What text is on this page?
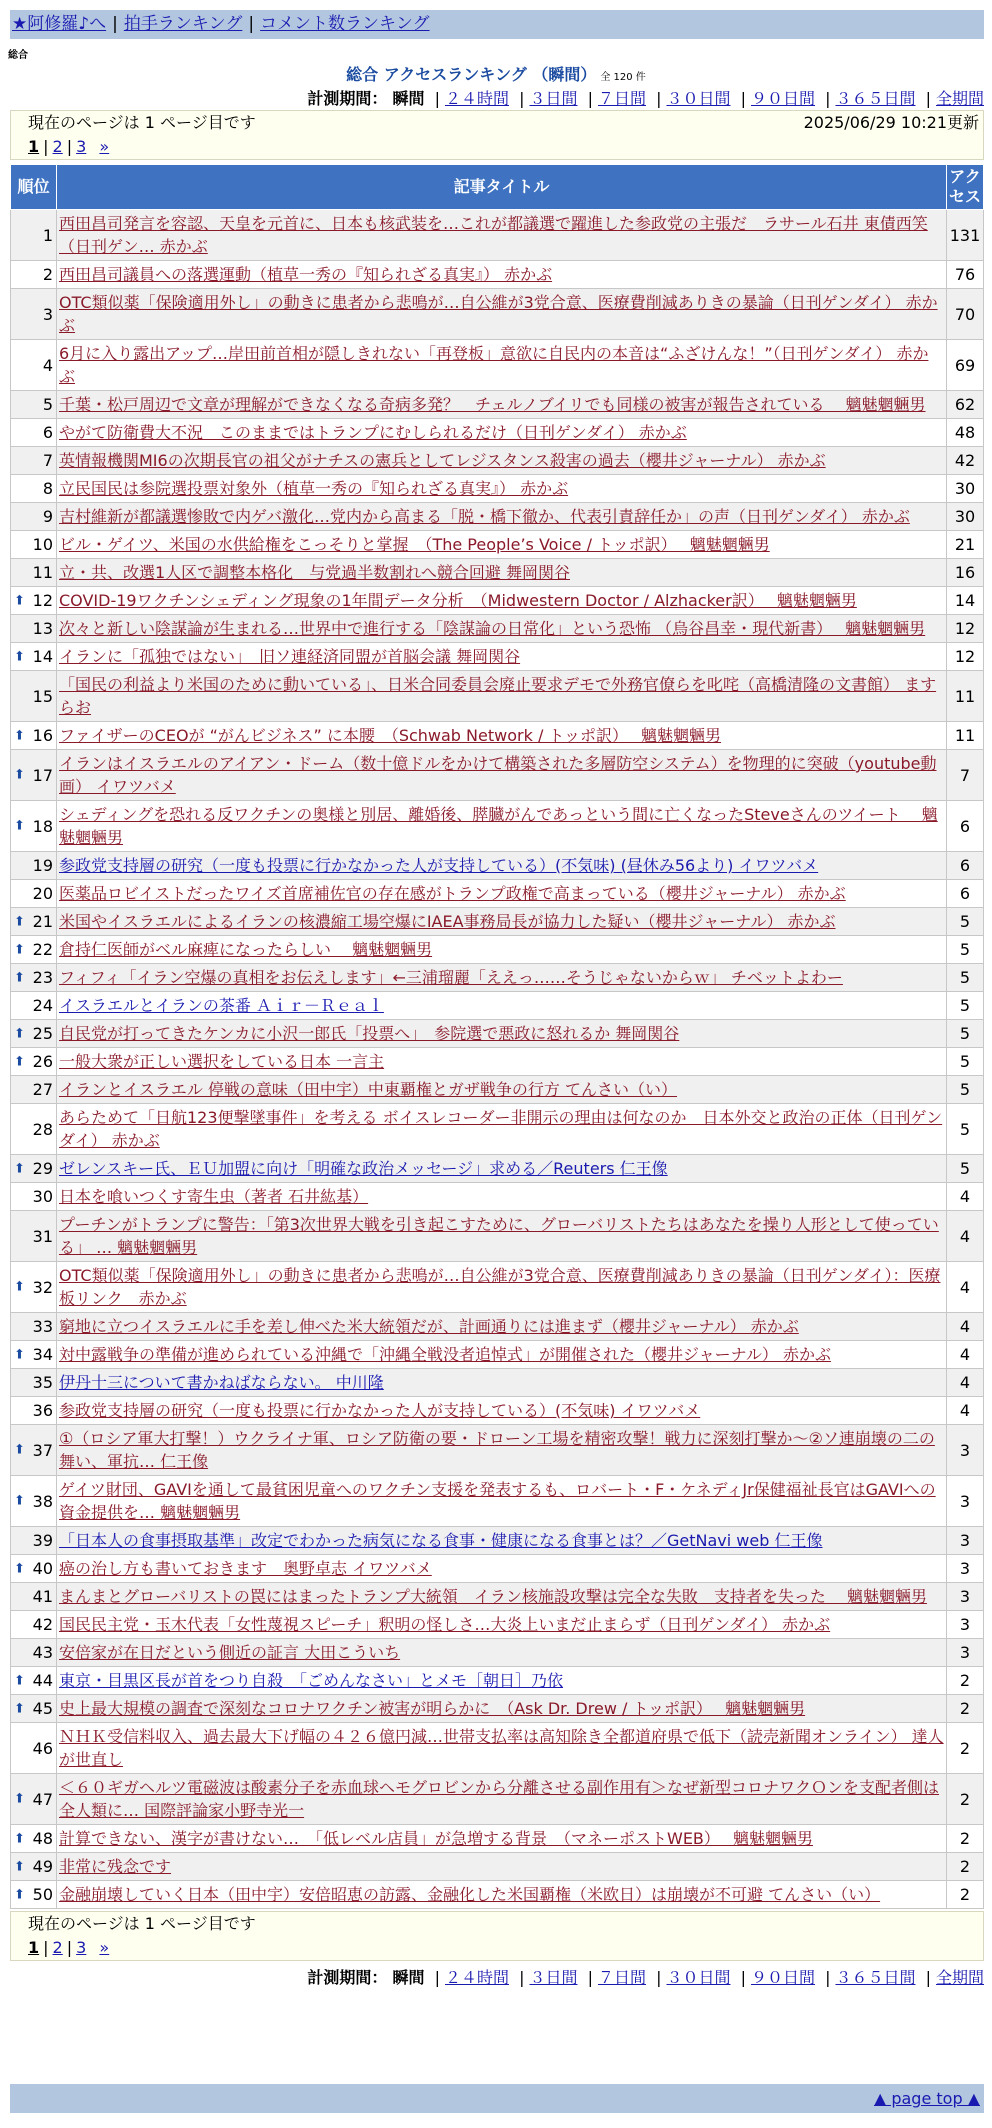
★阿修羅♪へ | 拍手ランキング | コメント数ランキング
総合
総合 アクセスランキング （瞬間） 全 120 件
計測期間： 瞬間 | ２４時間 | ３日間 | ７日間 | ３０日間 | ９０日間 | ３６５日間 | 全期間
現在のページは 1 ページ目です	2025/06/29 10:21更新
1 | 2 | 3 »
順位	記事タイトル	アクセス
1	西田昌司発言を容認、天皇を元首に、日本も核武装を…これが都議選で躍進した参政党の主張だ　ラサール石井 東債西笑（日刊ゲン… 赤かぶ	131
2	西田昌司議員への落選運動（植草一秀の『知られざる真実』） 赤かぶ	76
3	OTC類似薬「保険適用外し」の動きに患者から悲鳴が…自公維が3党合意、医療費削減ありきの暴論（日刊ゲンダイ） 赤かぶ	70
4	6月に入り露出アップ…岸田前首相が隠しきれない「再登板」意欲に自民内の本音は“ふざけんな！”（日刊ゲンダイ） 赤かぶ	69
5	千葉・松戸周辺で文章が理解ができなくなる奇病多発？　チェルノブイリでも同様の被害が報告されている　 魑魅魍魎男	62
6	やがて防衛費大不況　このままではトランプにむしられるだけ（日刊ゲンダイ） 赤かぶ	48
7	英情報機関MI6の次期長官の祖父がナチスの憲兵としてレジスタンス殺害の過去（櫻井ジャーナル） 赤かぶ	42
8	立民国民は参院選投票対象外（植草一秀の『知られざる真実』） 赤かぶ	30
9	吉村維新が都議選惨敗で内ゲバ激化…党内から高まる「脱・橋下徹か、代表引責辞任か」の声（日刊ゲンダイ） 赤かぶ	30
10	ビル・ゲイツ、米国の水供給権をこっそりと掌握　（The People’s Voice / トッポ訳）　 魑魅魍魎男	21
11	立・共、改選1人区で調整本格化　与党過半数割れへ競合回避 舞岡関谷	16

⬆ 12	COVID-19ワクチンシェディング現象の1年間データ分析　（Midwestern Doctor / Alzhacker訳）　 魑魅魍魎男	14
13	次々と新しい陰謀論が生まれる…世界中で進行する「陰謀論の日常化」という恐怖 （烏谷昌幸・現代新書）　 魑魅魍魎男	12

⬆ 14	イランに「孤独ではない」　旧ソ連経済同盟が首脳会議 舞岡関谷	12
15	「国民の利益より米国のために動いている」、日米合同委員会廃止要求デモで外務官僚らを叱咤（高橋清隆の文書館） ますらお	11

⬆ 16	ファイザーのCEOが “がんビジネス” に本腰　（Schwab Network / トッポ訳）　 魑魅魍魎男	11

⬆ 17	イランはイスラエルのアイアン・ドーム（数十億ドルをかけて構築された多層防空システム）を物理的に突破（youtube動画） イワツバメ	7

⬆ 18	シェディングを恐れる反ワクチンの奥様と別居、離婚後、膵臓がんであっという間に亡くなったSteveさんのツイート　 魑魅魍魎男	6
19	参政党支持層の研究（一度も投票に行かなかった人が支持している）(不気味) (昼休み56より) イワツバメ	6
20	医薬品ロビイストだったワイズ首席補佐官の存在感がトランプ政権で高まっている（櫻井ジャーナル） 赤かぶ	6

⬆ 21	米国やイスラエルによるイランの核濃縮工場空爆にIAEA事務局長が協力した疑い（櫻井ジャーナル） 赤かぶ	5

⬆ 22	倉持仁医師がベル麻痺になったらしい　 魑魅魍魎男	5

⬆ 23	フィフィ「イラン空爆の真相をお伝えします」←三浦瑠麗「ええっ……そうじゃないからｗ」 チベットよわー	5
24	イスラエルとイランの茶番 Ａｉｒ－Ｒｅａｌ	5

⬆ 25	自民党が打ってきたケンカに小沢一郎氏「投票へ」　参院選で悪政に怒れるか 舞岡関谷	5

⬆ 26	一般大衆が正しい選択をしている日本 一言主	5
27	イランとイスラエル 停戦の意味（田中宇）中東覇権とガザ戦争の行方 てんさい（い）	5
28	あらためて「日航123便撃墜事件」を考える ボイスレコーダー非開示の理由は何なのか　日本外交と政治の正体（日刊ゲンダイ） 赤かぶ	5

⬆ 29	ゼレンスキー氏、ＥＵ加盟に向け「明確な政治メッセージ」求める／Reuters 仁王像	5
30	日本を喰いつくす寄生虫（著者 石井紘基）	4
31	プーチンがトランプに警告：「第3次世界大戦を引き起こすために、グローバリストたちはあなたを操り人形として使っている」 … 魑魅魍魎男	4

⬆ 32	OTC類似薬「保険適用外し」の動きに患者から悲鳴が…自公維が3党合意、医療費削減ありきの暴論（日刊ゲンダイ）：医療板リンク　赤かぶ	4
33	窮地に立つイスラエルに手を差し伸べた米大統領だが、計画通りには進まず（櫻井ジャーナル） 赤かぶ	4

⬆ 34	対中露戦争の準備が進められている沖縄で「沖縄全戦没者追悼式」が開催された（櫻井ジャーナル） 赤かぶ	4
35	伊丹十三について書かねばならない。 中川隆	4
36	参政党支持層の研究（一度も投票に行かなかった人が支持している）(不気味) イワツバメ	4

⬆ 37	①（ロシア軍大打撃！）ウクライナ軍、ロシア防衛の要・ドローン工場を精密攻撃！戦力に深刻打撃か～②ソ連崩壊の二の舞い、軍抗… 仁王像	3

⬆ 38	ゲイツ財団、GAVIを通して最貧困児童へのワクチン支援を発表するも、ロバート・F・ケネディJr保健福祉長官はGAVIへの資金提供を… 魑魅魍魎男	3
39	「日本人の食事摂取基準」改定でわかった病気になる食事・健康になる食事とは？／GetNavi web 仁王像	3

⬆ 40	癌の治し方も書いておきます　奥野卓志 イワツバメ	3
41	まんまとグローバリストの罠にはまったトランプ大統領　イラン核施設攻撃は完全な失敗　支持者を失った　 魑魅魍魎男	3
42	国民民主党・玉木代表「女性蔑視スピーチ」釈明の怪しさ…大炎上いまだ止まらず（日刊ゲンダイ） 赤かぶ	3
43	安倍家が在日だという側近の証言 大田こういち	3

⬆ 44	東京・目黒区長が首をつり自殺　「ごめんなさい」とメモ［朝日］乃依	2

⬆ 45	史上最大規模の調査で深刻なコロナワクチン被害が明らかに　（Ask Dr. Drew / トッポ訳）　 魑魅魍魎男	2
46	ＮＨＫ受信料収入、過去最大下げ幅の４２６億円減…世帯支払率は高知除き全都道府県で低下（読売新聞オンライン） 達人が世直し	2

⬆ 47	＜６０ギガヘルツ電磁波は酸素分子を赤血球ヘモグロビンから分離させる副作用有＞なぜ新型コロナワクＯンを支配者側は全人類に… 国際評論家小野寺光一	2

⬆ 48	計算できない、漢字が書けない…　「低レベル店員」が急増する背景　（マネーポストWEB）　 魑魅魍魎男	2

⬆ 49	非常に残念です	2

⬆ 50	金融崩壊していく日本（田中宇）安倍昭恵の訪露、金融化した米国覇権（米欧日）は崩壊が不可避 てんさい（い）	2
現在のページは 1 ページ目です
1 | 2 | 3 »
計測期間： 瞬間 | ２４時間 | ３日間 | ７日間 | ３０日間 | ９０日間 | ３６５日間 | 全期間
▲ page top ▲
